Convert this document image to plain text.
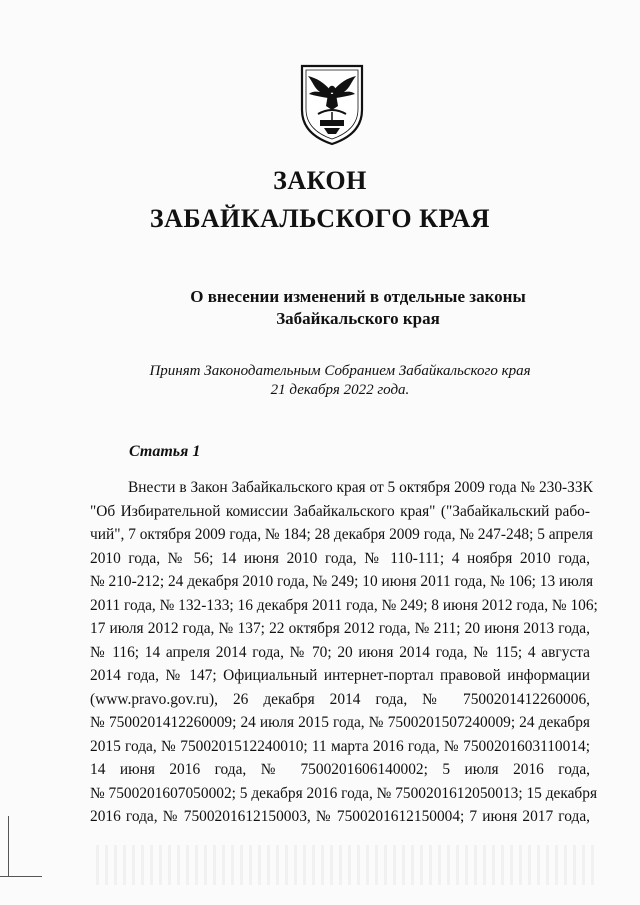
ЗАКОН
ЗАБАЙКАЛЬСКОГО КРАЯ
О внесении изменений в отдельные законы
Забайкальского края
Принят Законодательным Собранием Забайкальского края
21 декабря 2022 года.
Статья 1
Внести в Закон Забайкальского края от 5 октября 2009 года № 230-ЗЗК
"Об Избирательной комиссии Забайкальского края" ("Забайкальский рабо-
чий", 7 октября 2009 года, № 184; 28 декабря 2009 года, № 247-248; 5 апреля
2010 года, № 56; 14 июня 2010 года, № 110-111; 4 ноября 2010 года,
№ 210-212; 24 декабря 2010 года, № 249; 10 июня 2011 года, № 106; 13 июля
2011 года, № 132-133; 16 декабря 2011 года, № 249; 8 июня 2012 года, № 106;
17 июля 2012 года, № 137; 22 октября 2012 года, № 211; 20 июня 2013 года,
№ 116; 14 апреля 2014 года, № 70; 20 июня 2014 года, № 115; 4 августа
2014 года, № 147; Официальный интернет-портал правовой информации
(www.pravo.gov.ru), 26 декабря 2014 года, № 7500201412260006,
№ 7500201412260009; 24 июля 2015 года, № 7500201507240009; 24 декабря
2015 года, № 7500201512240010; 11 марта 2016 года, № 7500201603110014;
14 июня 2016 года, № 7500201606140002; 5 июля 2016 года,
№ 7500201607050002; 5 декабря 2016 года, № 7500201612050013; 15 декабря
2016 года, № 7500201612150003, № 7500201612150004; 7 июня 2017 года,
